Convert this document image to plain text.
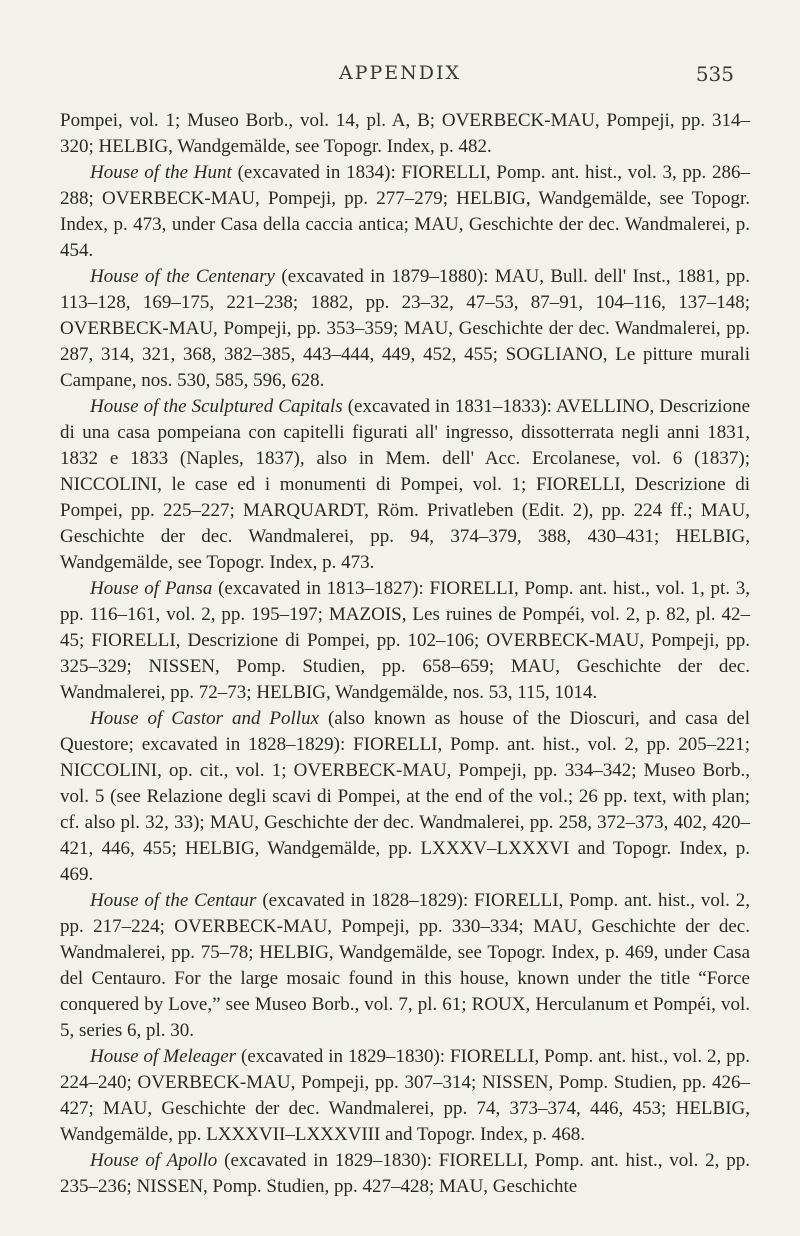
APPENDIX	535

Pompei, vol. 1; Museo Borb., vol. 14, pl. A, B; OVERBECK-MAU, Pompeji, pp. 314–320; HELBIG, Wandgemälde, see Topogr. Index, p. 482.

House of the Hunt (excavated in 1834): FIORELLI, Pomp. ant. hist., vol. 3, pp. 286–288; OVERBECK-MAU, Pompeji, pp. 277–279; HELBIG, Wandgemälde, see Topogr. Index, p. 473, under Casa della caccia antica; MAU, Geschichte der dec. Wandmalerei, p. 454.

House of the Centenary (excavated in 1879–1880): MAU, Bull. dell' Inst., 1881, pp. 113–128, 169–175, 221–238; 1882, pp. 23–32, 47–53, 87–91, 104–116, 137–148; OVERBECK-MAU, Pompeji, pp. 353–359; MAU, Geschichte der dec. Wandmalerei, pp. 287, 314, 321, 368, 382–385, 443–444, 449, 452, 455; SOGLIANO, Le pitture murali Campane, nos. 530, 585, 596, 628.

House of the Sculptured Capitals (excavated in 1831–1833): AVELLINO, Descrizione di una casa pompeiana con capitelli figurati all' ingresso, dissotterrata negli anni 1831, 1832 e 1833 (Naples, 1837), also in Mem. dell' Acc. Ercolanese, vol. 6 (1837); NICCOLINI, le case ed i monumenti di Pompei, vol. 1; FIORELLI, Descrizione di Pompei, pp. 225–227; MARQUARDT, Röm. Privatleben (Edit. 2), pp. 224 ff.; MAU, Geschichte der dec. Wandmalerei, pp. 94, 374–379, 388, 430–431; HELBIG, Wandgemälde, see Topogr. Index, p. 473.

House of Pansa (excavated in 1813–1827): FIORELLI, Pomp. ant. hist., vol. 1, pt. 3, pp. 116–161, vol. 2, pp. 195–197; MAZOIS, Les ruines de Pompéi, vol. 2, p. 82, pl. 42–45; FIORELLI, Descrizione di Pompei, pp. 102–106; OVERBECK-MAU, Pompeji, pp. 325–329; NISSEN, Pomp. Studien, pp. 658–659; MAU, Geschichte der dec. Wandmalerei, pp. 72–73; HELBIG, Wandgemälde, nos. 53, 115, 1014.

House of Castor and Pollux (also known as house of the Dioscuri, and casa del Questore; excavated in 1828–1829): FIORELLI, Pomp. ant. hist., vol. 2, pp. 205–221; NICCOLINI, op. cit., vol. 1; OVERBECK-MAU, Pompeji, pp. 334–342; Museo Borb., vol. 5 (see Relazione degli scavi di Pompei, at the end of the vol.; 26 pp. text, with plan; cf. also pl. 32, 33); MAU, Geschichte der dec. Wandmalerei, pp. 258, 372–373, 402, 420–421, 446, 455; HELBIG, Wandgemälde, pp. LXXXV–LXXXVI and Topogr. Index, p. 469.

House of the Centaur (excavated in 1828–1829): FIORELLI, Pomp. ant. hist., vol. 2, pp. 217–224; OVERBECK-MAU, Pompeji, pp. 330–334; MAU, Geschichte der dec. Wandmalerei, pp. 75–78; HELBIG, Wandgemälde, see Topogr. Index, p. 469, under Casa del Centauro. For the large mosaic found in this house, known under the title “Force conquered by Love,” see Museo Borb., vol. 7, pl. 61; ROUX, Herculanum et Pompéi, vol. 5, series 6, pl. 30.

House of Meleager (excavated in 1829–1830): FIORELLI, Pomp. ant. hist., vol. 2, pp. 224–240; OVERBECK-MAU, Pompeji, pp. 307–314; NISSEN, Pomp. Studien, pp. 426–427; MAU, Geschichte der dec. Wandmalerei, pp. 74, 373–374, 446, 453; HELBIG, Wandgemälde, pp. LXXXVII–LXXXVIII and Topogr. Index, p. 468.

House of Apollo (excavated in 1829–1830): FIORELLI, Pomp. ant. hist., vol. 2, pp. 235–236; NISSEN, Pomp. Studien, pp. 427–428; MAU, Geschichte
